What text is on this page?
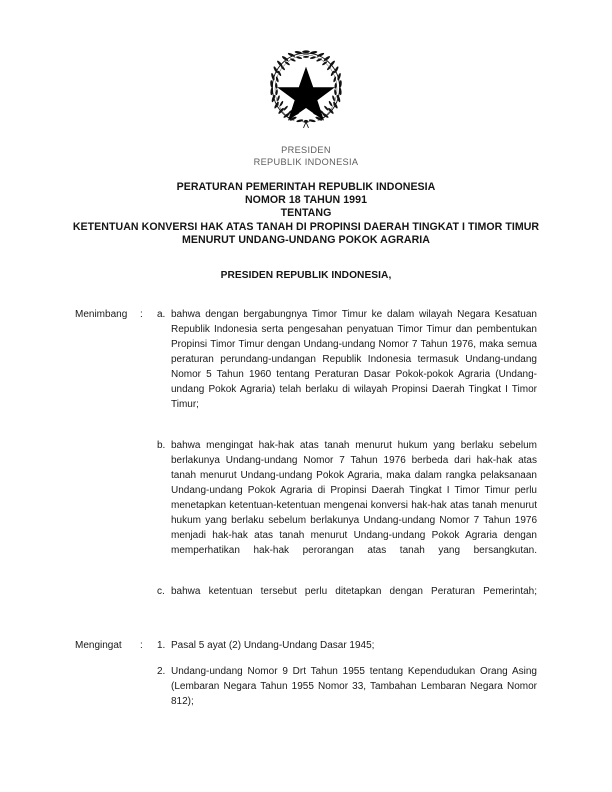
PRESIDEN
REPUBLIK INDONESIA
PERATURAN PEMERINTAH REPUBLIK INDONESIA
NOMOR 18 TAHUN 1991
TENTANG
KETENTUAN KONVERSI HAK ATAS TANAH DI PROPINSI DAERAH TINGKAT I TIMOR TIMUR MENURUT UNDANG-UNDANG POKOK AGRARIA
PRESIDEN REPUBLIK INDONESIA,
Menimbang	: a. bahwa dengan bergabungnya Timor Timur ke dalam wilayah Negara Kesatuan Republik Indonesia serta pengesahan penyatuan Timor Timur dan pembentukan Propinsi Timor Timur dengan Undang-undang Nomor 7 Tahun 1976, maka semua peraturan perundang-undangan Republik Indonesia termasuk Undang-undang Nomor 5 Tahun 1960 tentang Peraturan Dasar Pokok-pokok Agraria (Undang-undang Pokok Agraria) telah berlaku di wilayah Propinsi Daerah Tingkat I Timor Timur;
b. bahwa mengingat hak-hak atas tanah menurut hukum yang berlaku sebelum berlakunya Undang-undang Nomor 7 Tahun 1976 berbeda dari hak-hak atas tanah menurut Undang-undang Pokok Agraria, maka dalam rangka pelaksanaan Undang-undang Pokok Agraria di Propinsi Daerah Tingkat I Timor Timur perlu menetapkan ketentuan-ketentuan mengenai konversi hak-hak atas tanah menurut hukum yang berlaku sebelum berlakunya Undang-undang Nomor 7 Tahun 1976 menjadi hak-hak atas tanah menurut Undang-undang Pokok Agraria dengan memperhatikan hak-hak perorangan atas tanah yang bersangkutan.
c. bahwa ketentuan tersebut perlu ditetapkan dengan Peraturan Pemerintah;
Mengingat	: 1. Pasal 5 ayat (2) Undang-Undang Dasar 1945;
2. Undang-undang Nomor 9 Drt Tahun 1955 tentang Kependudukan Orang Asing (Lembaran Negara Tahun 1955 Nomor 33, Tambahan Lembaran Negara Nomor 812);
